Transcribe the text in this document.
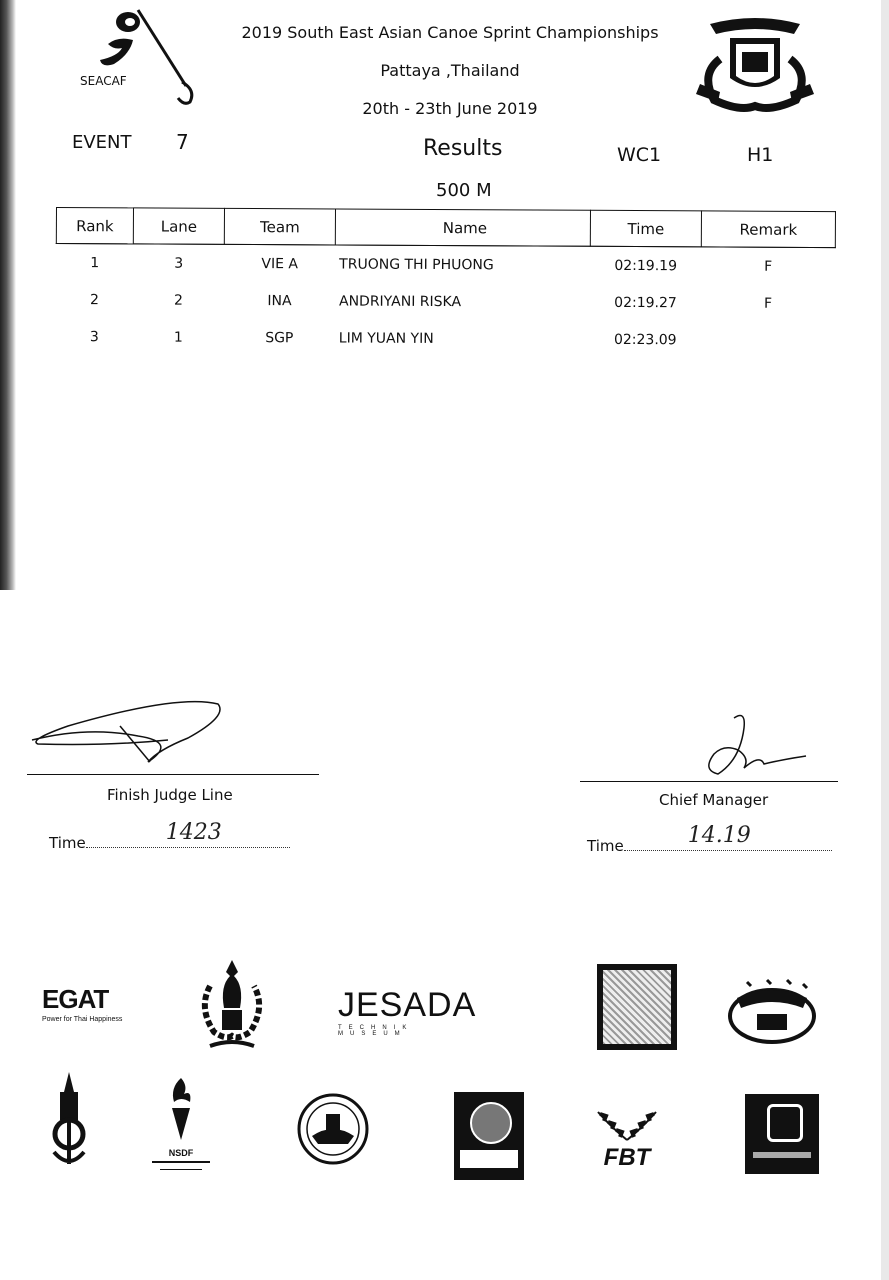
SEACAF
2019 South East Asian Canoe Sprint Championships
Pattaya ,Thailand
20th - 23th June 2019
EVENT 7	Results	WC1	H1
500 M
Rank	Lane	Team	Name	Time	Remark
1	3	VIE A	TRUONG THI PHUONG	02:19.19	F
2	2	INA	ANDRIYANI RISKA	02:19.27	F
3	1	SGP	LIM YUAN YIN	02:23.09	
Finish Judge Line
Time	1423
Chief Manager
Time	14.19
EGAT
Power for Thai Happiness	JESADA
TECHNIK MUSEUM
NSDF	FBT
